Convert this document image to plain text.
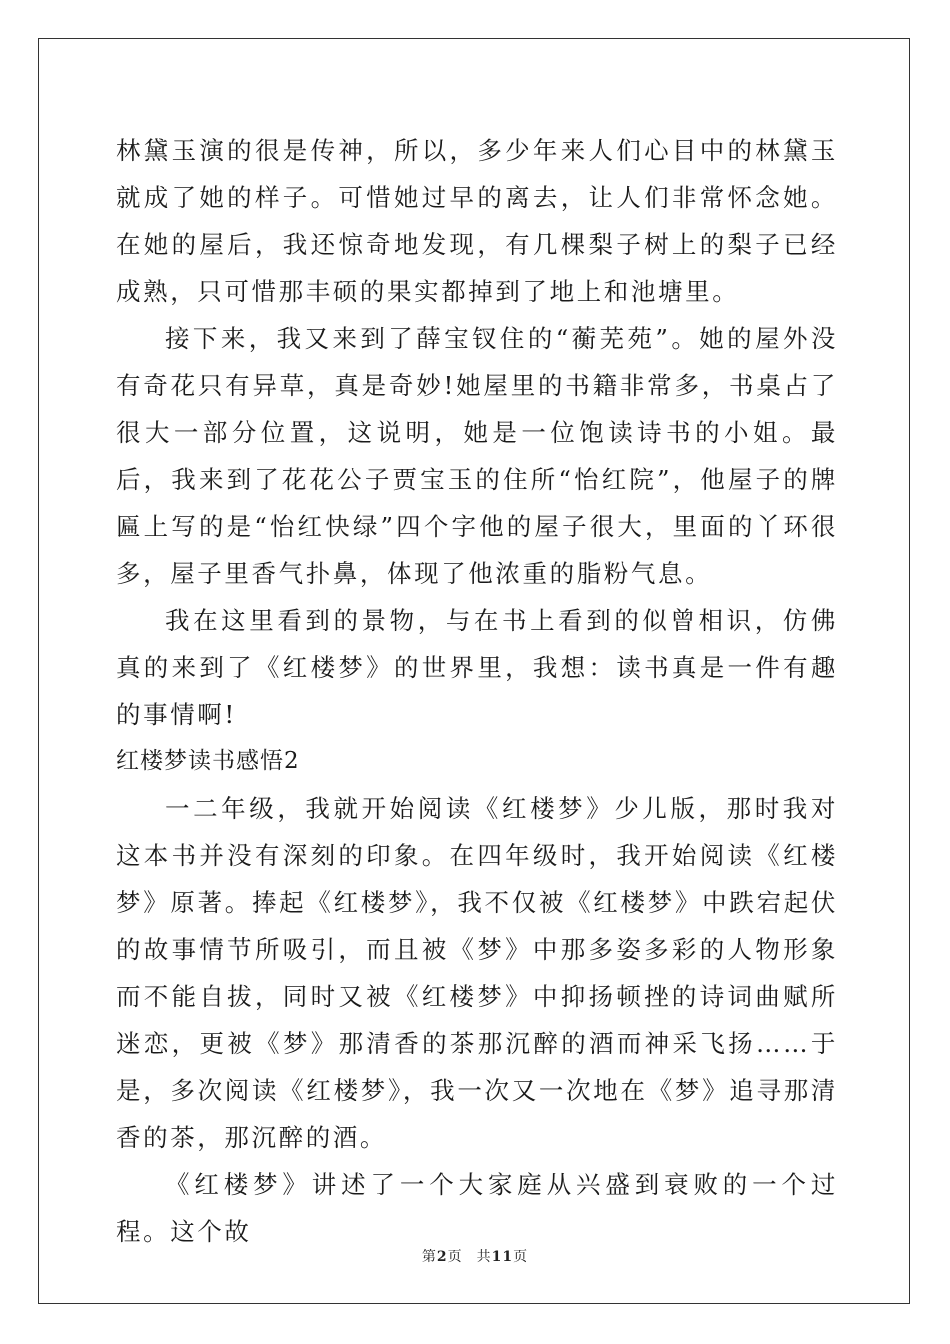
林黛玉演的很是传神，所以，多少年来人们心目中的林黛玉就成了她的样子。可惜她过早的离去，让人们非常怀念她。在她的屋后，我还惊奇地发现，有几棵梨子树上的梨子已经成熟，只可惜那丰硕的果实都掉到了地上和池塘里。

接下来，我又来到了薛宝钗住的“蘅芜苑”。她的屋外没有奇花只有异草，真是奇妙!她屋里的书籍非常多，书桌占了很大一部分位置，这说明，她是一位饱读诗书的小姐。最后，我来到了花花公子贾宝玉的住所“怡红院”，他屋子的牌匾上写的是“怡红快绿”四个字他的屋子很大，里面的丫环很多，屋子里香气扑鼻，体现了他浓重的脂粉气息。

我在这里看到的景物，与在书上看到的似曾相识，仿佛真的来到了《红楼梦》的世界里，我想：读书真是一件有趣的事情啊!

红楼梦读书感悟2

一二年级，我就开始阅读《红楼梦》少儿版，那时我对这本书并没有深刻的印象。在四年级时，我开始阅读《红楼梦》原著。捧起《红楼梦》，我不仅被《红楼梦》中跌宕起伏的故事情节所吸引，而且被《梦》中那多姿多彩的人物形象而不能自拔，同时又被《红楼梦》中抑扬顿挫的诗词曲赋所迷恋，更被《梦》那清香的茶那沉醉的酒而神采飞扬……于是，多次阅读《红楼梦》，我一次又一次地在《梦》追寻那清香的茶，那沉醉的酒。

《红楼梦》讲述了一个大家庭从兴盛到衰败的一个过程。这个故

第2页 共11页
